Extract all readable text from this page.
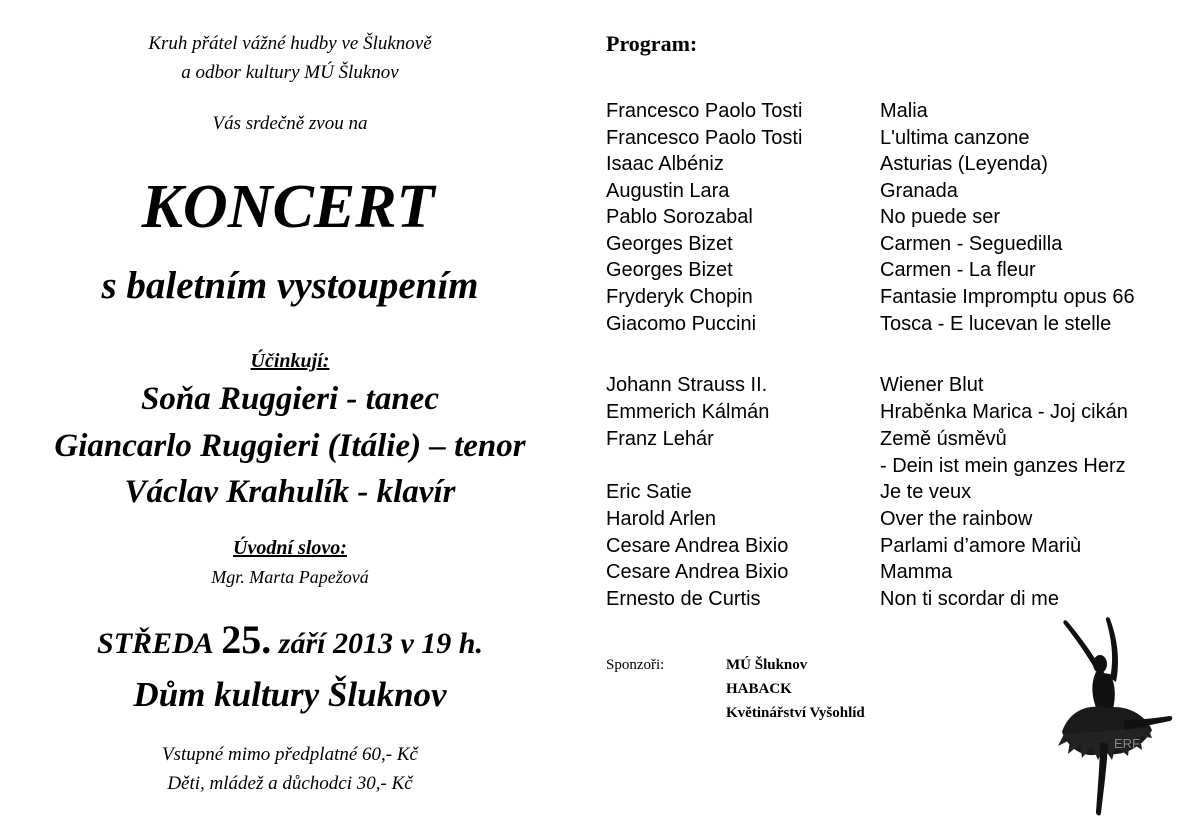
Kruh přátel vážné hudby ve Šluknově
a odbor kultury MÚ Šluknov
Vás srdečně zvou na
KONCERT
s baletním vystoupením
Účinkují:
Soňa Ruggieri - tanec
Giancarlo Ruggieri (Itálie) – tenor
Václav Krahulík - klavír
Úvodní slovo:
Mgr. Marta Papežová
STŘEDA 25. září 2013 v 19 h.
Dům kultury Šluknov
Vstupné mimo předplatné 60,- Kč
Děti, mládež a důchodci 30,- Kč
Program:
Francesco Paolo Tosti	Malia
Francesco Paolo Tosti	L'ultima canzone
Isaac Albéniz	Asturias (Leyenda)
Augustin Lara	Granada
Pablo Sorozabal	No puede ser
Georges Bizet	Carmen - Seguedilla
Georges Bizet	Carmen - La fleur
Fryderyk Chopin	Fantasie Impromptu opus 66
Giacomo Puccini	Tosca - E lucevan le stelle
Johann Strauss II.	Wiener Blut
Emmerich Kálmán	Hraběnka Marica - Joj cikán
Franz Lehár	Země úsměvů
- Dein ist mein ganzes Herz
Eric Satie	Je te veux
Harold Arlen	Over the rainbow
Cesare Andrea Bixio	Parlami d’amore Mariù
Cesare Andrea Bixio	Mamma
Ernesto de Curtis	Non ti scordar di me
Sponzoři:	MÚ Šluknov
HABACK
Květinářství Vyšohlíd
ERF
